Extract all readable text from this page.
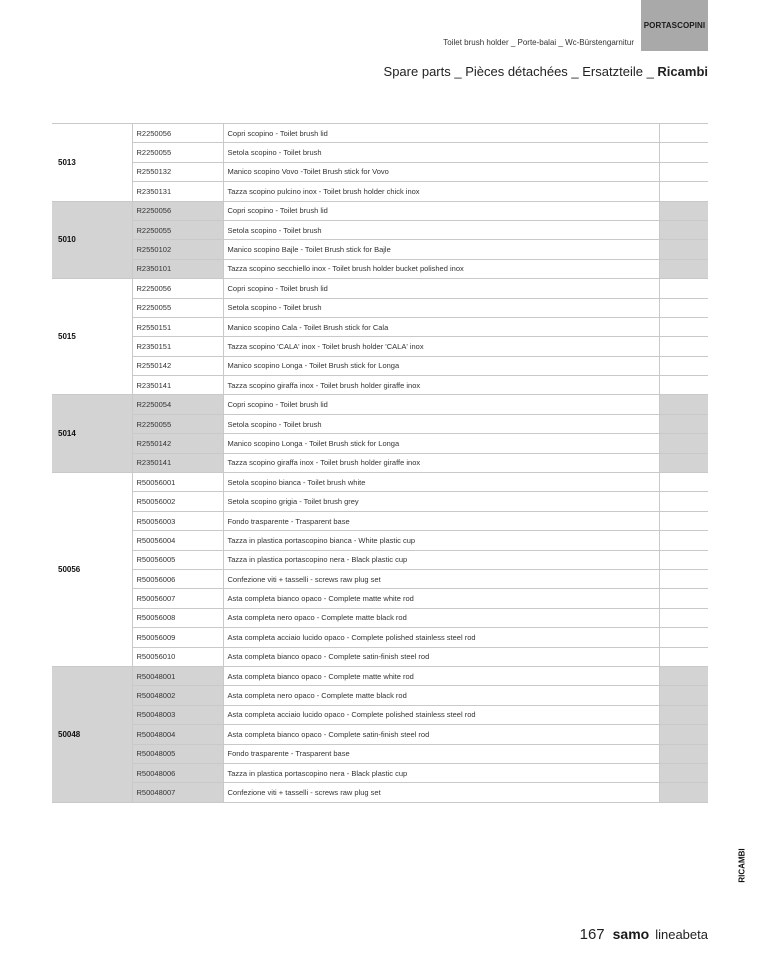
PORTASCOPINI
Toilet brush holder _ Porte-balai _ Wc-Bürstengarnitur
Spare parts _ Pièces détachées _ Ersatzteile _ Ricambi
5013	R2250056	Copri scopino - Toilet brush lid	
	R2250055	Setola scopino - Toilet brush	
	R2550132	Manico scopino Vovo -Toilet Brush stick for Vovo	
	R2350131	Tazza scopino pulcino inox - Toilet brush holder chick inox	
5010	R2250056	Copri scopino - Toilet brush lid	
	R2250055	Setola scopino - Toilet brush	
	R2550102	Manico scopino Bajle - Toilet Brush stick for Bajle	
	R2350101	Tazza scopino secchiello inox - Toilet brush holder bucket polished inox	
5015	R2250056	Copri scopino - Toilet brush lid	
	R2250055	Setola scopino - Toilet brush	
	R2550151	Manico scopino Cala - Toilet Brush stick for Cala	
	R2350151	Tazza scopino 'CALA' inox - Toilet brush holder 'CALA' inox	
	R2550142	Manico scopino Longa - Toilet Brush stick for Longa	
	R2350141	Tazza scopino giraffa inox - Toilet brush holder giraffe inox	
5014	R2250054	Copri scopino - Toilet brush lid	
	R2250055	Setola scopino - Toilet brush	
	R2550142	Manico scopino Longa - Toilet Brush stick for Longa	
	R2350141	Tazza scopino giraffa inox - Toilet brush holder giraffe inox	
50056	R50056001	Setola scopino bianca - Toilet brush white	
	R50056002	Setola scopino grigia - Toilet brush grey	
	R50056003	Fondo trasparente - Trasparent base	
	R50056004	Tazza in plastica portascopino bianca - White plastic cup	
	R50056005	Tazza in plastica portascopino nera - Black plastic cup	
	R50056006	Confezione viti + tasselli - screws raw plug set	
	R50056007	Asta completa bianco opaco - Complete matte white rod	
	R50056008	Asta completa nero opaco - Complete matte black rod	
	R50056009	Asta completa acciaio lucido opaco - Complete polished stainless steel rod	
	R50056010	Asta completa bianco opaco - Complete satin-finish steel rod	
50048	R50048001	Asta completa bianco opaco - Complete matte white rod	
	R50048002	Asta completa nero opaco - Complete matte black rod	
	R50048003	Asta completa acciaio lucido opaco - Complete polished stainless steel rod	
	R50048004	Asta completa bianco opaco - Complete satin-finish steel rod	
	R50048005	Fondo trasparente - Trasparent base	
	R50048006	Tazza in plastica portascopino nera - Black plastic cup	
	R50048007	Confezione viti + tasselli - screws raw plug set	
RICAMBI
167 samo lineabeta
